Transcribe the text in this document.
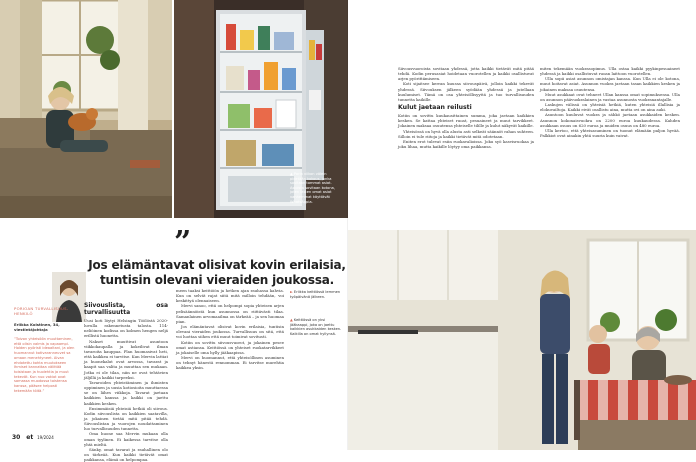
▲ Parin viikon välein pidetään kokous, jonka sovitaan tommat asiat. Asioista sovitaan kotona, joten lasten omat asiat vanhemmat käyttävät WhatsAppia.

Siivousvuoroista sovitaan yhdessä, jotta kaikki tietävät mitä pitää tehdä. Kodin perusasiat hoidetaan vuorotellen ja kaikki osallistuvat arjen pyörittämiseen.

Koti sijaitsee kerran kuussa siivouspäivä, jolloin kaikki tekevät yhdessä. Siivouksen jälkeen syödään yhdessä ja jutellaan kuulumiset. Tämä on osa yhteisöllisyyttä ja tuo turvallisuuden tunnetta kaikille.

Kulut jaetaan reilusti

Kotiin on sovittu kuukausittainen summa, joka jaetaan kaikkien kesken. Se kattaa yhteiset ruoat, pesuaineet ja muut tarvikkeet. Jokainen maksaa osuutensa yhteiselle tilille ja kulut näkyvät kaikille.

Yhteisössä on hyvä olla alusta asti selkeät säännöt rahan suhteen. Silloin ei tule riitoja ja kaikki tietävät mitä odotetaan.

Eniten erot tulevat esiin ruokavalioissa. Joku syö kasvisruokaa ja joku lihaa, mutta kaikille löytyy oma paikkansa.

miten tekemään vuokrasopimus. Ulla ostaa kaikki pyykinpesuaineet yhdessä ja kaikki osallistuvat ruoan laittoon vuorotellen.

Ulla sopii asiat asunnon omistajan kanssa. Kun Ulla ei ole kotona, muut hoitavat asiat. Asunnon vuokra jaetaan tasan kaikkien kesken ja jokainen maksaa osuutensa.

Muut asukkaat ovat tehneet Ullan kanssa omat sopimuksensa. Ulla on asunnon päävuokralainen ja vastaa asunnosta vuokranantajalle.

Laskujen välissä on yhteisiä hetkiä, kuten yhteisiä illallisia ja elokuvailtoja. Kaikki eivät osallistu aina, mutta ovi on aina auki.

Asuntoon kuuluvat vuokra ja sähkö jaetaan asukkaiden kesken. Asunnon kokonaisvuokra on 2200 euroa kuukaudessa. Kahden asukkaan osuus on 620 euroa ja muiden osuus on 480 euroa.

Ulla kertoo, että yhteisasuminen on tuonut elämään paljon hyvää. Palkkiot ovat ainakin yhtä suuria kuin vaivat.

”
Jos elämäntavat olisivat kovin erilaisia, tuntisin olevani vieraiden joukossa.
PORIOAN TURVALLISUUS-HENKILÖ
Eriikka Koistinen, 34, viestintäjohtaja
”Toivon yhteisöön muuttaminen, että olisin valmis ja vapaampi. Holden pyöristi ideaaltani, ja olen huomannut kotivaranneuvet sa omaan menehtyneet. Aivan ehdotettu kohta muutokseen Ihmiset kannattaa välittää toisistaan ja huolehtia ja muut tekevät. Kun nuo vakiot ovat samassa muodossa toistensa kanssa, pääsee helposti tekemään töitä.”
Siivouslista, osa turvallisuutta

Uusi koti löytyi Helsingin Töölöstä 2020-luvulla rakennetusta talosta. 114-neliöinen kodissa on kolmen hengen neljä erillistä huonetta.

Nakset muuttivat asuntoon viikkokaupalla ja kokeilivat ilman tavaroita kauppaa. Plan huomasivat heti, että kaikkea ei tarvitse. Kun Mervin lattiat ja huonekalut ovat arvossa, tavarat ja kaapit saa valita ja muuttaa sen mukaan. Jotka ei ole tilaa, niin ne ovat tehtävien jäljillä ja kaikki tarpeeksi.

Tavaroiden yhteistäminen ja ihmisten oppiminen ja uusia kotiosioita muuttaessa se on lähes viikkoja. Tavarat jaetaan kaikkien kanssa ja kaikki on jaettu kaikkien kesken.

Ensimmäisiä yhteisiä hetkiä oli siivous. Kodin siivouslista on kaikkien saatavilla, ja jokainen tietää mitä pitää tehdä. Siivouslistan ja vuorojen noudattaminen luo turvallisuuden tunnetta.

Oma huone saa Mervin mukaan olla oman tyylinen. Ei kaikessa tarvitse olla yhtä mieltä.

Sänky, omat tavarat ja rauhallinen olo on tärkeää. Kun kaikki tietävät omat paikkansa, elämä on helpompaa.

meen taaksi keittiöön ja hetken ajan rauhassa kahvia. Kun on selvät rajat siitä mitä milloin tehdään, voi keskittyä olennaiseen.

Mervi sanoo, että on helpompi sopia yhteisen arjen pelisäännöistä kun asunnossa on riittävästi tilaa. Samanlainen arvomaailma on tärkeää – ja sen huomaa pian.

Jos elämäntavat olisivat kovin erilaisia, tuntisin olevani vieraiden joukossa. Turvallisuus on sitä, että voi luottaa siihen että muut toimivat sovitusti.

Kotiin on sovittu siivousvuorot, ja jokainen pesee omat astiansa. Keittiössä on yhteiset ruokatarvikkeet ja jokaiselle oma hylly jääkaapissa.

Mervi on huomannut, että yhteisöllinen asuminen on tehnyt hänestä rennomman. Ei tarvitse murehtia kaikkea yksin.

► Eriikka keittiössä lemmen työpäivänä jälkeen.
▲ Keittiössä on yksi jääkaappi, joka on jaettu kaikkien asukkaiden kesken. Kaikilla on omat hyllynsä.
30 et 19/2024
